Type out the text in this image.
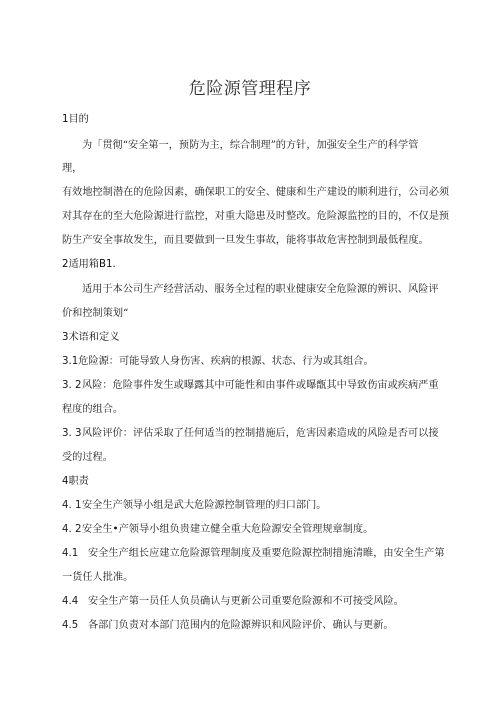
危险源管理程序
1目的
为「贯彻“安全第一，预防为主，综合制理”的方针，加强安全生产的科学管
理，
有效地控制潜在的危险因素，确保职工的安全、健康和生产建设的顺利进行，公司必须
对其存在的至大危险源进行监控，对重大隐患及时整改。危险源监控的目的，不仅是预
防生产安全事故发生，而且要做到一旦发生事故，能将事故危害控制到最低程度。
2适用箱B1.
适用于本公司生产经营活动、服务全过程的职业健康安全危险源的辨识、风险评
价和控制策划“
3术语和定义
3.1危险源：可能导致人身伤害、疾病的根源、状态、行为或其组合。
3. 2风险：危险事件发生或曝露其中可能性和由事件或曝甑其中导致伤宙或疾病严重
程度的组合。
3. 3风险评价：评估采取了任何适当的控制措施后，危害因素造成的风险是否可以接
受的过程。
4职责
4. 1安全生产领导小组是武大危险源控制管理的归口部门。
4. 2安全生•产领导小组负贵建立健全重大危险源安全管理规章制度。
4.1 安全生产组长应建立危险源管理制度及重要危险源控制措施清睢，由安全生产第
一货任人批准。
4.4 安全生产第一员任人负员确认与更新公司重要危险源和不可接受风险。
4.5 各部门负责对本部门范围内的危险源辨识和风险评价、确认与更新。
